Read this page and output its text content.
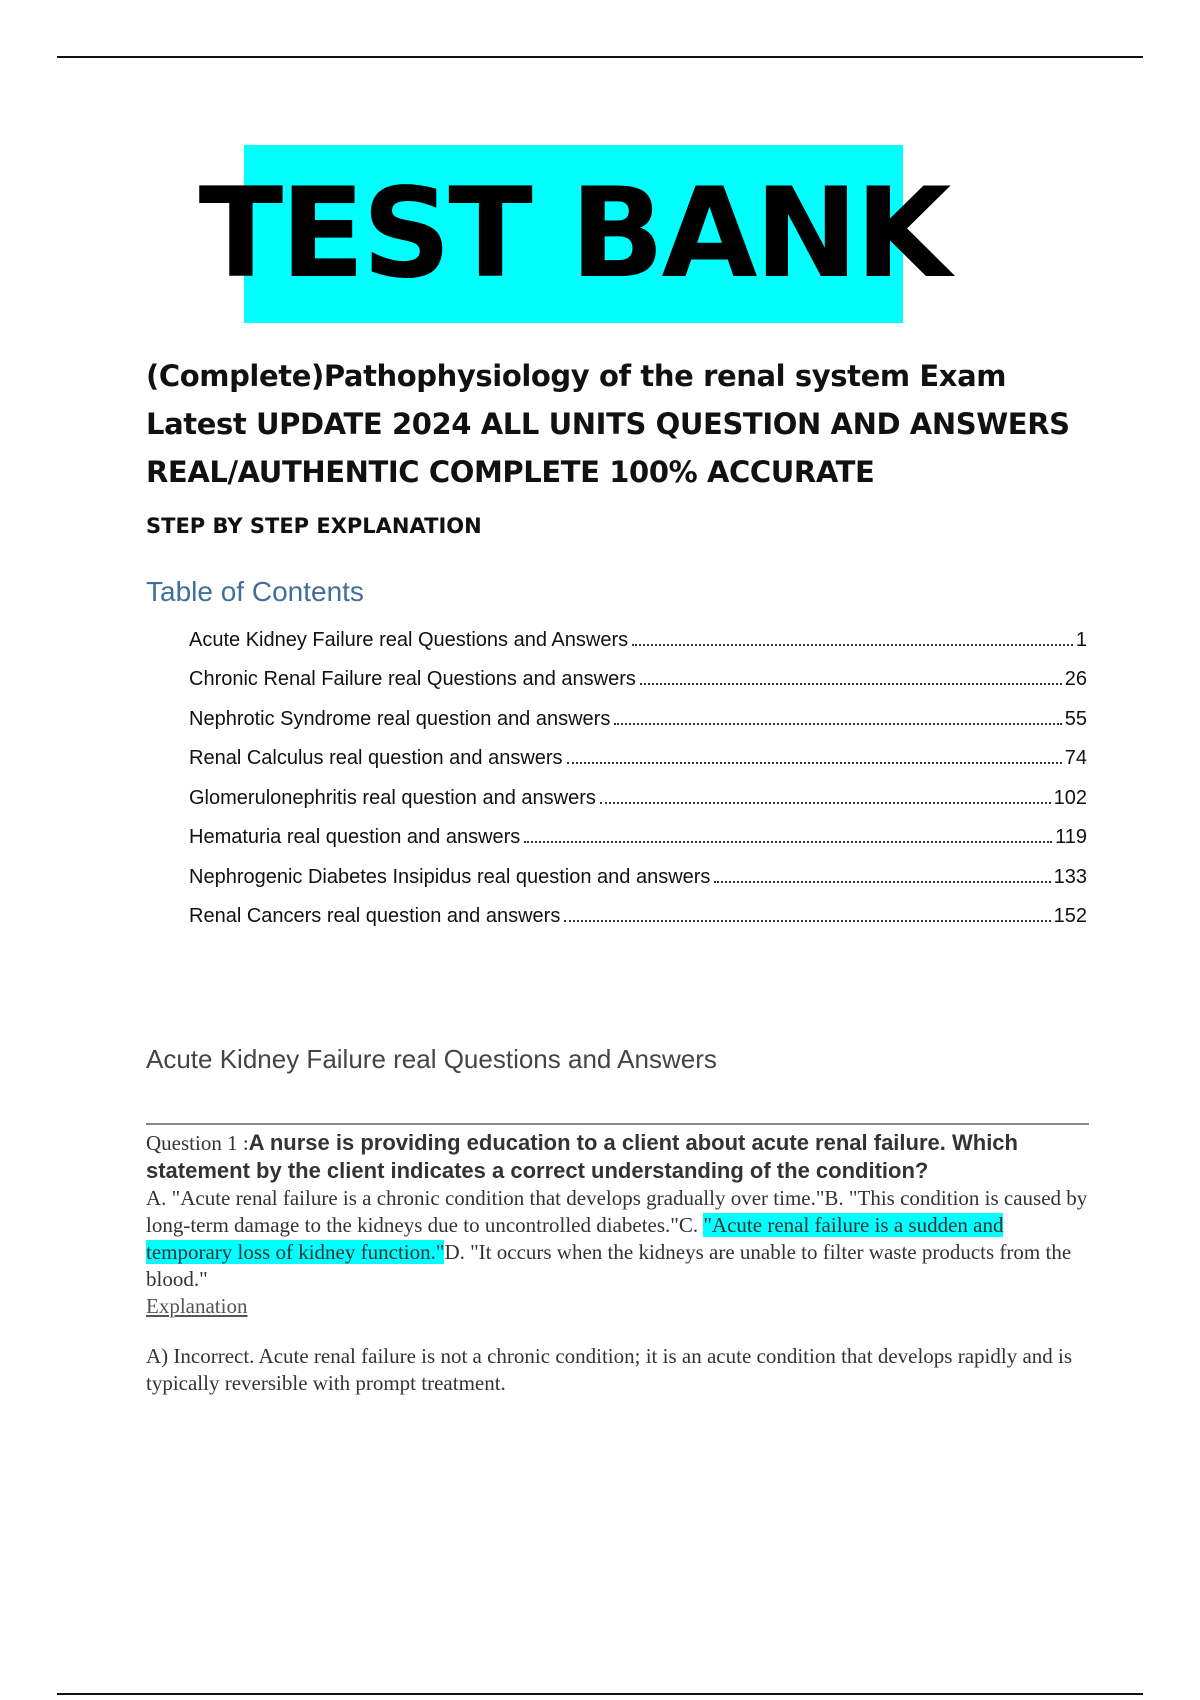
TEST BANK
(Complete)Pathophysiology of the renal system Exam Latest UPDATE 2024 ALL UNITS QUESTION AND ANSWERS REAL/AUTHENTIC COMPLETE 100% ACCURATE
STEP BY STEP EXPLANATION
Table of Contents
Acute Kidney Failure real Questions and Answers	1
Chronic Renal Failure real Questions and answers	26
Nephrotic Syndrome real question and answers	55
Renal Calculus real question and answers	74
Glomerulonephritis real question and answers	102
Hematuria real question and answers	119
Nephrogenic Diabetes Insipidus real question and answers	133
Renal Cancers real question and answers	152
Acute Kidney Failure real Questions and Answers

Question 1 :A nurse is providing education to a client about acute renal failure. Which statement by the client indicates a correct understanding of the condition?

A. "Acute renal failure is a chronic condition that develops gradually over time."B. "This condition is caused by long-term damage to the kidneys due to uncontrolled diabetes."C. "Acute renal failure is a sudden and temporary loss of kidney function."D. "It occurs when the kidneys are unable to filter waste products from the blood."

Explanation
A) Incorrect. Acute renal failure is not a chronic condition; it is an acute condition that develops rapidly and is typically reversible with prompt treatment.
